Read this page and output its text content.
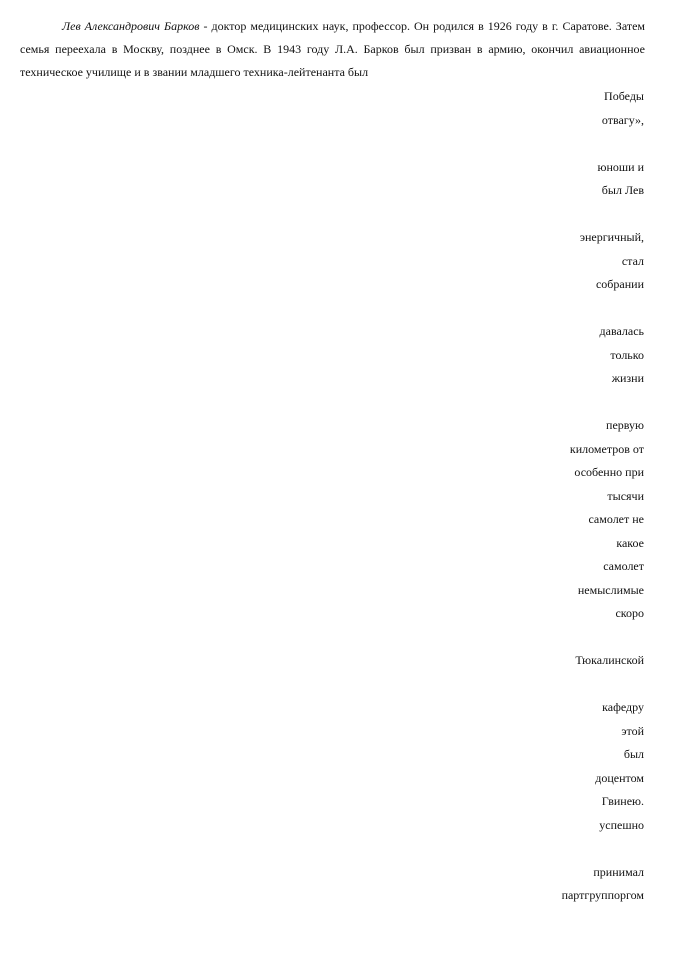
Лев Александрович Барков - доктор медицинских наук, профессор. Он родился в 1926 году в г. Саратове. Затем семья переехала в Москву, позднее в Омск. В 1943 году Л.А. Барков был призван в армию, окончил авиационное техническое училище и в звании младшего техника-лейтенанта был
Победы
отвагу»,
юноши и
был Лев
энергичный,
стал
собрании
давалась
только
жизни
первую
километров от
особенно при
тысячи
самолет не
какое
самолет
немыслимые
скоро
Тюкалинской
кафедру
этой
был
доцентом
Гвинею.
успешно
принимал
партгруппоргом
